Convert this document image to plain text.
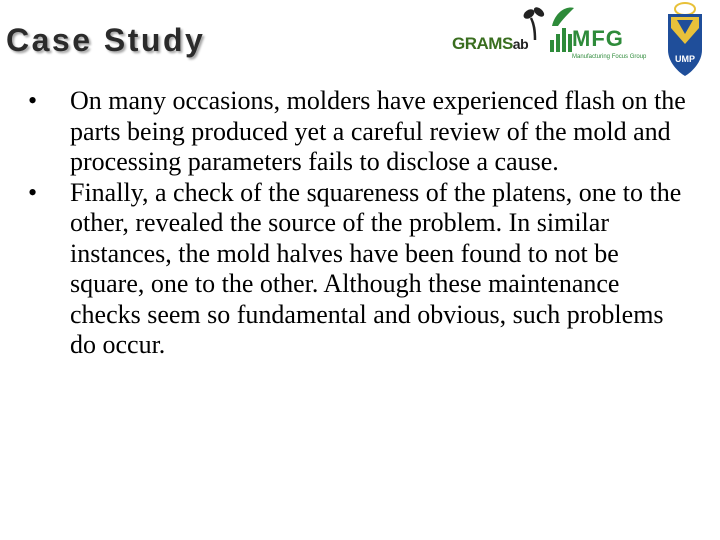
Case Study	GRAMSab MFG
Manufacturing Focus Group	UMP
• On many occasions, molders have experienced flash on the parts being produced yet a careful review of the mold and processing parameters fails to disclose a cause.
• Finally, a check of the squareness of the platens, one to the other, revealed the source of the problem. In similar instances, the mold halves have been found to not be square, one to the other. Although these maintenance checks seem so fundamental and obvious, such problems do occur.
